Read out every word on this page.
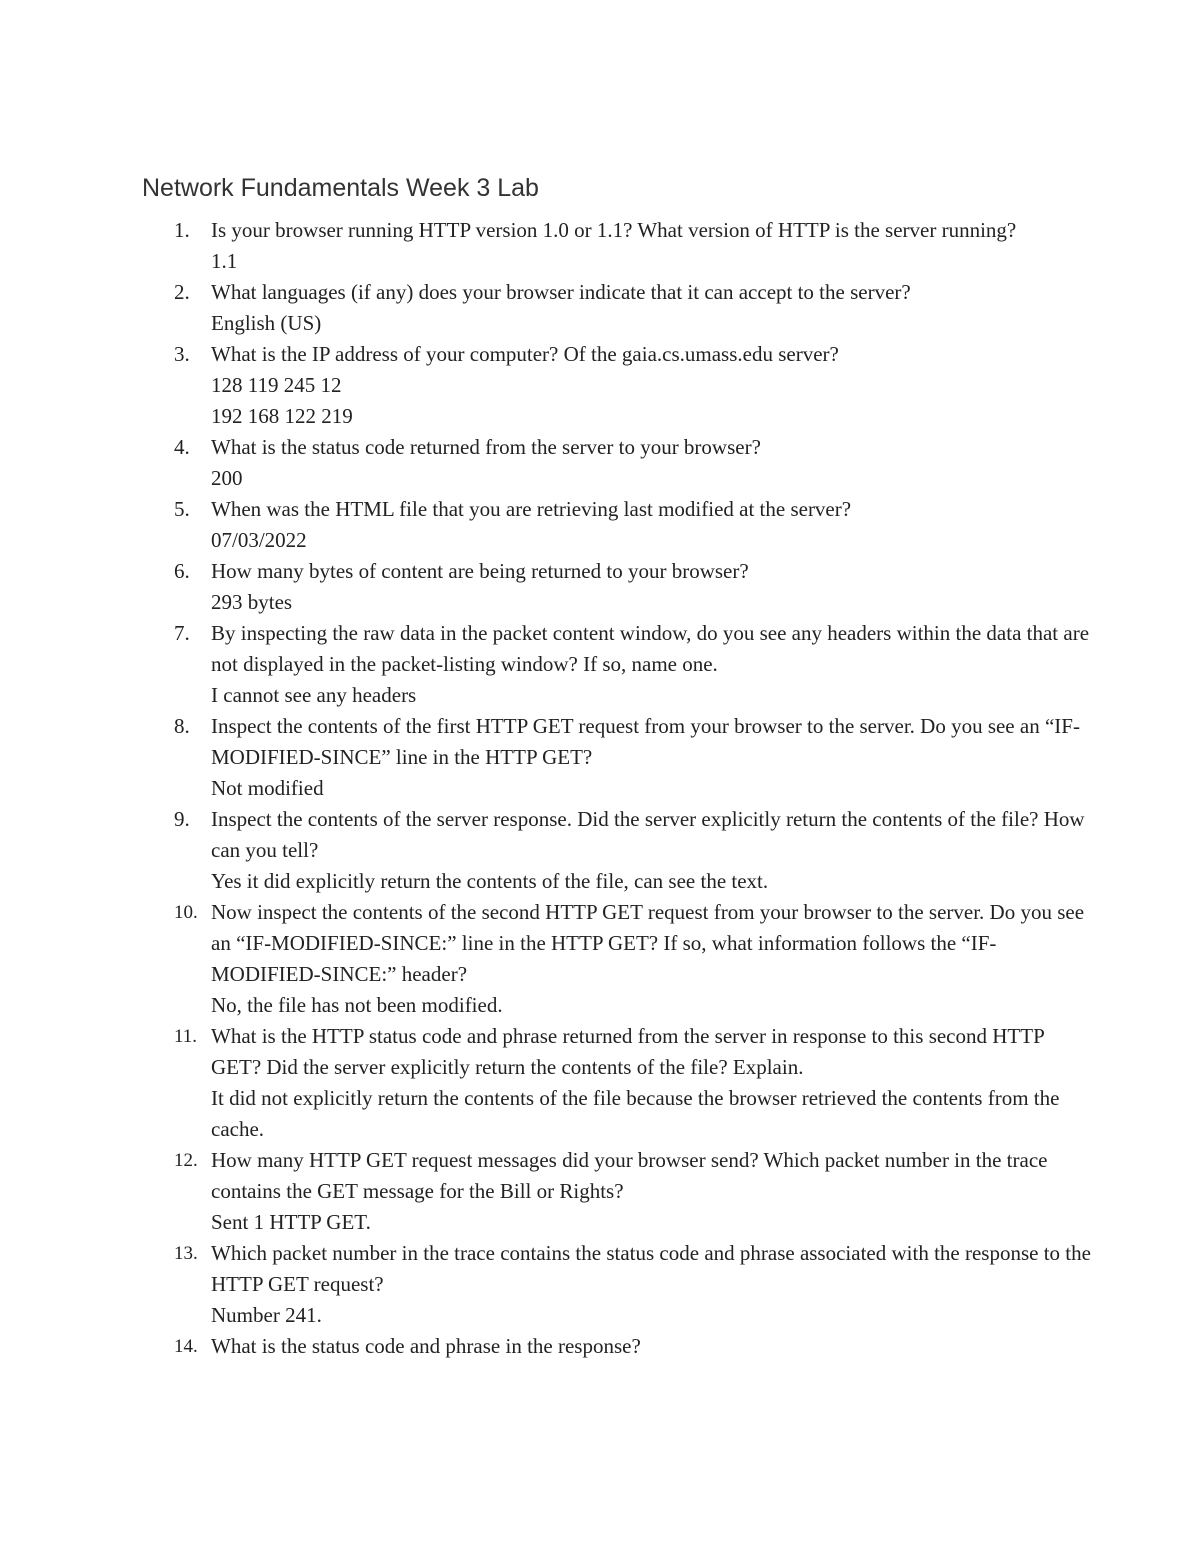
Network Fundamentals Week 3 Lab
1. Is your browser running HTTP version 1.0 or 1.1? What version of HTTP is the server running?
1.1
2. What languages (if any) does your browser indicate that it can accept to the server?
English (US)
3. What is the IP address of your computer? Of the gaia.cs.umass.edu server?
128 119 245 12
192 168 122 219
4. What is the status code returned from the server to your browser?
200
5. When was the HTML file that you are retrieving last modified at the server?
07/03/2022
6. How many bytes of content are being returned to your browser?
293 bytes
7. By inspecting the raw data in the packet content window, do you see any headers within the data that are not displayed in the packet-listing window? If so, name one.
I cannot see any headers
8. Inspect the contents of the first HTTP GET request from your browser to the server. Do you see an “IF-MODIFIED-SINCE” line in the HTTP GET?
Not modified
9. Inspect the contents of the server response. Did the server explicitly return the contents of the file? How can you tell?
Yes it did explicitly return the contents of the file, can see the text.
10. Now inspect the contents of the second HTTP GET request from your browser to the server. Do you see an “IF-MODIFIED-SINCE:” line in the HTTP GET? If so, what information follows the “IF-MODIFIED-SINCE:” header?
No, the file has not been modified.
11. What is the HTTP status code and phrase returned from the server in response to this second HTTP GET? Did the server explicitly return the contents of the file? Explain.
It did not explicitly return the contents of the file because the browser retrieved the contents from the cache.
12. How many HTTP GET request messages did your browser send? Which packet number in the trace contains the GET message for the Bill or Rights?
Sent 1 HTTP GET.
13. Which packet number in the trace contains the status code and phrase associated with the response to the HTTP GET request?
Number 241.
14. What is the status code and phrase in the response?
